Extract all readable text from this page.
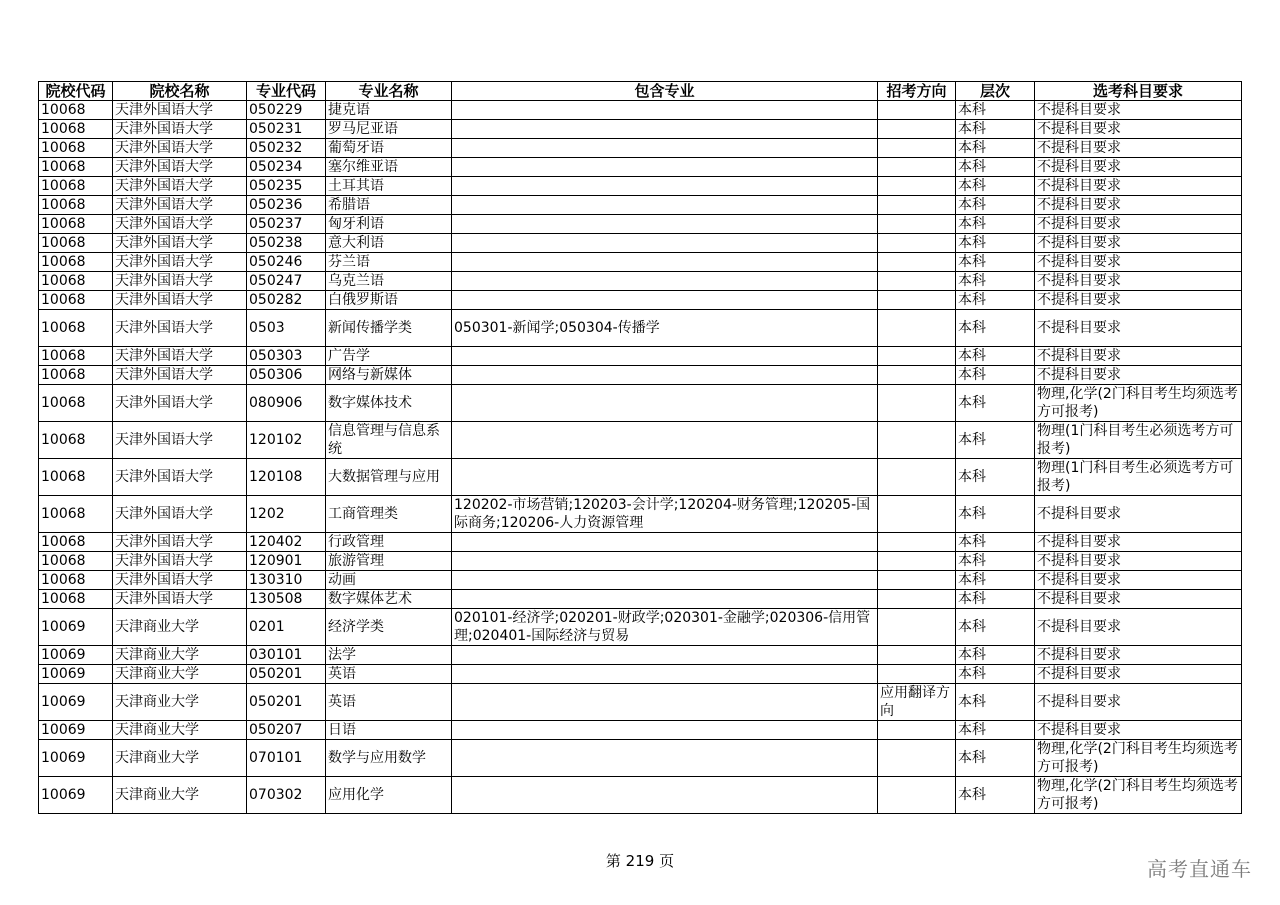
院校代码	院校名称	专业代码	专业名称	包含专业	招考方向	层次	选考科目要求
10068	天津外国语大学	050229	捷克语			本科	不提科目要求
10068	天津外国语大学	050231	罗马尼亚语			本科	不提科目要求
10068	天津外国语大学	050232	葡萄牙语			本科	不提科目要求
10068	天津外国语大学	050234	塞尔维亚语			本科	不提科目要求
10068	天津外国语大学	050235	土耳其语			本科	不提科目要求
10068	天津外国语大学	050236	希腊语			本科	不提科目要求
10068	天津外国语大学	050237	匈牙利语			本科	不提科目要求
10068	天津外国语大学	050238	意大利语			本科	不提科目要求
10068	天津外国语大学	050246	芬兰语			本科	不提科目要求
10068	天津外国语大学	050247	乌克兰语			本科	不提科目要求
10068	天津外国语大学	050282	白俄罗斯语			本科	不提科目要求
10068	天津外国语大学	0503	新闻传播学类	050301-新闻学;050304-传播学		本科	不提科目要求
10068	天津外国语大学	050303	广告学			本科	不提科目要求
10068	天津外国语大学	050306	网络与新媒体			本科	不提科目要求
10068	天津外国语大学	080906	数字媒体技术			本科	物理,化学(2门科目考生均须选考方可报考)
10068	天津外国语大学	120102	信息管理与信息系统			本科	物理(1门科目考生必须选考方可报考)
10068	天津外国语大学	120108	大数据管理与应用			本科	物理(1门科目考生必须选考方可报考)
10068	天津外国语大学	1202	工商管理类	120202-市场营销;120203-会计学;120204-财务管理;120205-国际商务;120206-人力资源管理		本科	不提科目要求
10068	天津外国语大学	120402	行政管理			本科	不提科目要求
10068	天津外国语大学	120901	旅游管理			本科	不提科目要求
10068	天津外国语大学	130310	动画			本科	不提科目要求
10068	天津外国语大学	130508	数字媒体艺术			本科	不提科目要求
10069	天津商业大学	0201	经济学类	020101-经济学;020201-财政学;020301-金融学;020306-信用管理;020401-国际经济与贸易		本科	不提科目要求
10069	天津商业大学	030101	法学			本科	不提科目要求
10069	天津商业大学	050201	英语			本科	不提科目要求
10069	天津商业大学	050201	英语		应用翻译方向	本科	不提科目要求
10069	天津商业大学	050207	日语			本科	不提科目要求
10069	天津商业大学	070101	数学与应用数学			本科	物理,化学(2门科目考生均须选考方可报考)
10069	天津商业大学	070302	应用化学			本科	物理,化学(2门科目考生均须选考方可报考)
第 219 页	高考直通车
